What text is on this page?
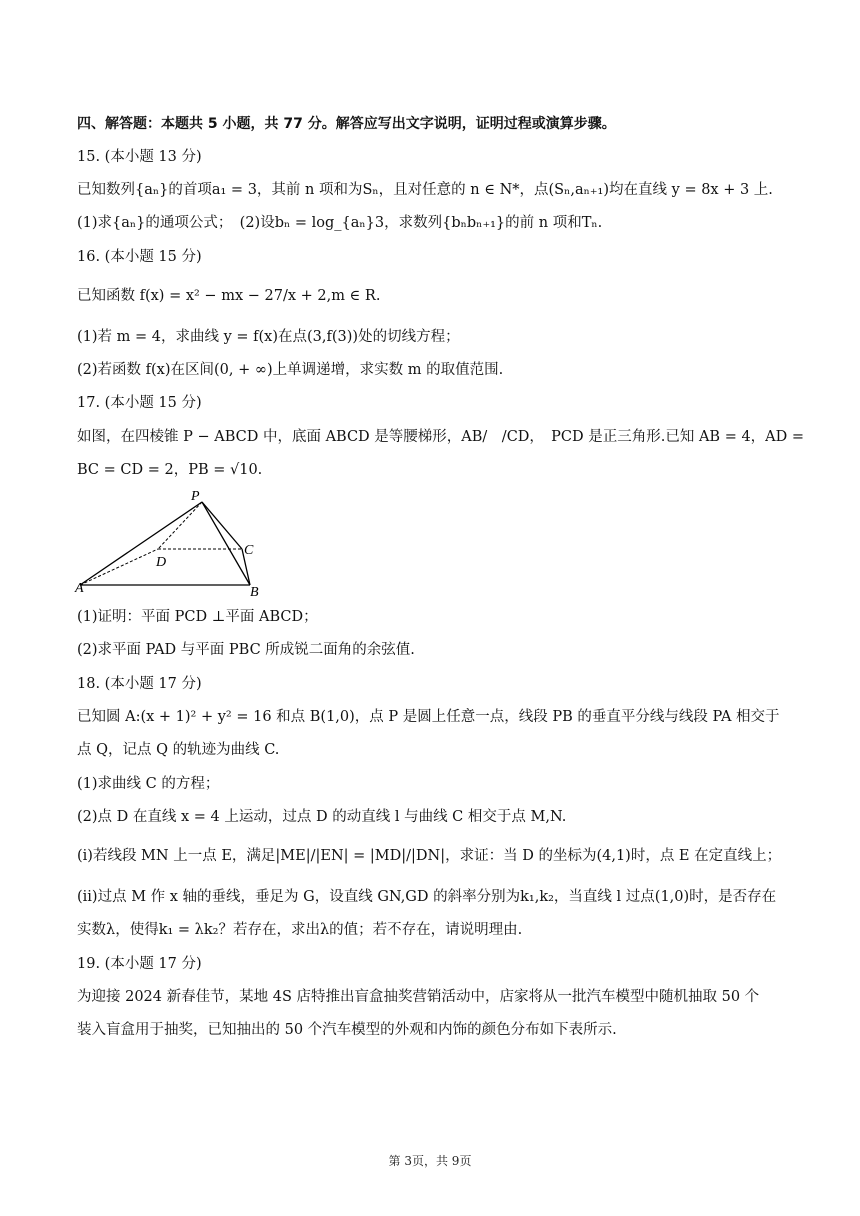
四、解答题：本题共 5 小题，共 77 分。解答应写出文字说明，证明过程或演算步骤。
15. (本小题 13 分)
已知数列{aₙ}的首项a₁ = 3，其前 n 项和为Sₙ，且对任意的 n ∈ N*，点(Sₙ,aₙ₊₁)均在直线 y = 8x + 3 上.
(1)求{aₙ}的通项公式；　(2)设bₙ = log_{aₙ}3，求数列{bₙbₙ₊₁}的前 n 项和Tₙ.
16. (本小题 15 分)
已知函数 f(x) = x² − mx − 27/x + 2,m ∈ R.
(1)若 m = 4，求曲线 y = f(x)在点(3,f(3))处的切线方程；
(2)若函数 f(x)在区间(0, + ∞)上单调递增，求实数 m 的取值范围.
17. (本小题 15 分)
如图，在四棱锥 P − ABCD 中，底面 ABCD 是等腰梯形，AB/　/CD，　PCD 是正三角形.已知 AB = 4，AD =
BC = CD = 2，PB = √10.
P
A	B
C
D
(1)证明：平面 PCD ⊥平面 ABCD；
(2)求平面 PAD 与平面 PBC 所成锐二面角的余弦值.
18. (本小题 17 分)
已知圆 A:(x + 1)² + y² = 16 和点 B(1,0)，点 P 是圆上任意一点，线段 PB 的垂直平分线与线段 PA 相交于
点 Q，记点 Q 的轨迹为曲线 C.
(1)求曲线 C 的方程；
(2)点 D 在直线 x = 4 上运动，过点 D 的动直线 l 与曲线 C 相交于点 M,N.
(ⅰ)若线段 MN 上一点 E，满足|ME|/|EN| = |MD|/|DN|，求证：当 D 的坐标为(4,1)时，点 E 在定直线上；
(ⅱ)过点 M 作 x 轴的垂线，垂足为 G，设直线 GN,GD 的斜率分别为k₁,k₂，当直线 l 过点(1,0)时，是否存在
实数λ，使得k₁ = λk₂？若存在，求出λ的值；若不存在，请说明理由.
19. (本小题 17 分)
为迎接 2024 新春佳节，某地 4S 店特推出盲盒抽奖营销活动中，店家将从一批汽车模型中随机抽取 50 个
装入盲盒用于抽奖，已知抽出的 50 个汽车模型的外观和内饰的颜色分布如下表所示.
第 3页，共 9页
